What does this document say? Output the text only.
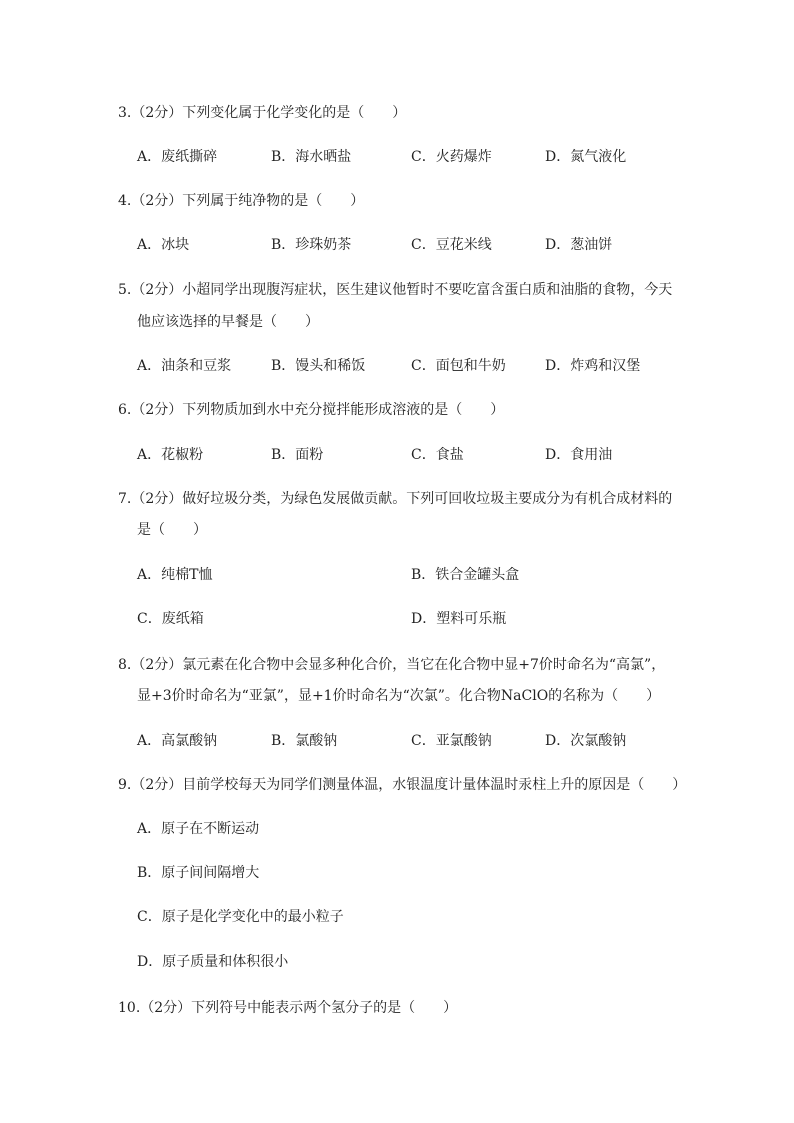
3.（2分）下列变化属于化学变化的是（　　）

A．废纸撕碎	B．海水晒盐	C．火药爆炸	D．氮气液化

4.（2分）下列属于纯净物的是（　　）

A．冰块	B．珍珠奶茶	C．豆花米线	D．葱油饼

5.（2分）小超同学出现腹泻症状，医生建议他暂时不要吃富含蛋白质和油脂的食物，今天

他应该选择的早餐是（　　）

A．油条和豆浆	B．馒头和稀饭	C．面包和牛奶	D．炸鸡和汉堡

6.（2分）下列物质加到水中充分搅拌能形成溶液的是（　　）

A．花椒粉	B．面粉	C．食盐	D．食用油

7.（2分）做好垃圾分类，为绿色发展做贡献。下列可回收垃圾主要成分为有机合成材料的

是（　　）

A．纯棉T恤	B．铁合金罐头盒
C．废纸箱	D．塑料可乐瓶

8.（2分）氯元素在化合物中会显多种化合价，当它在化合物中显+7价时命名为“高氯”，

显+3价时命名为“亚氯”，显+1价时命名为“次氯”。化合物NaClO的名称为（　　）

A．高氯酸钠	B．氯酸钠	C．亚氯酸钠	D．次氯酸钠

9.（2分）目前学校每天为同学们测量体温，水银温度计量体温时汞柱上升的原因是（　　）

A．原子在不断运动
B．原子间间隔增大
C．原子是化学变化中的最小粒子
D．原子质量和体积很小

10.（2分）下列符号中能表示两个氢分子的是（　　）
